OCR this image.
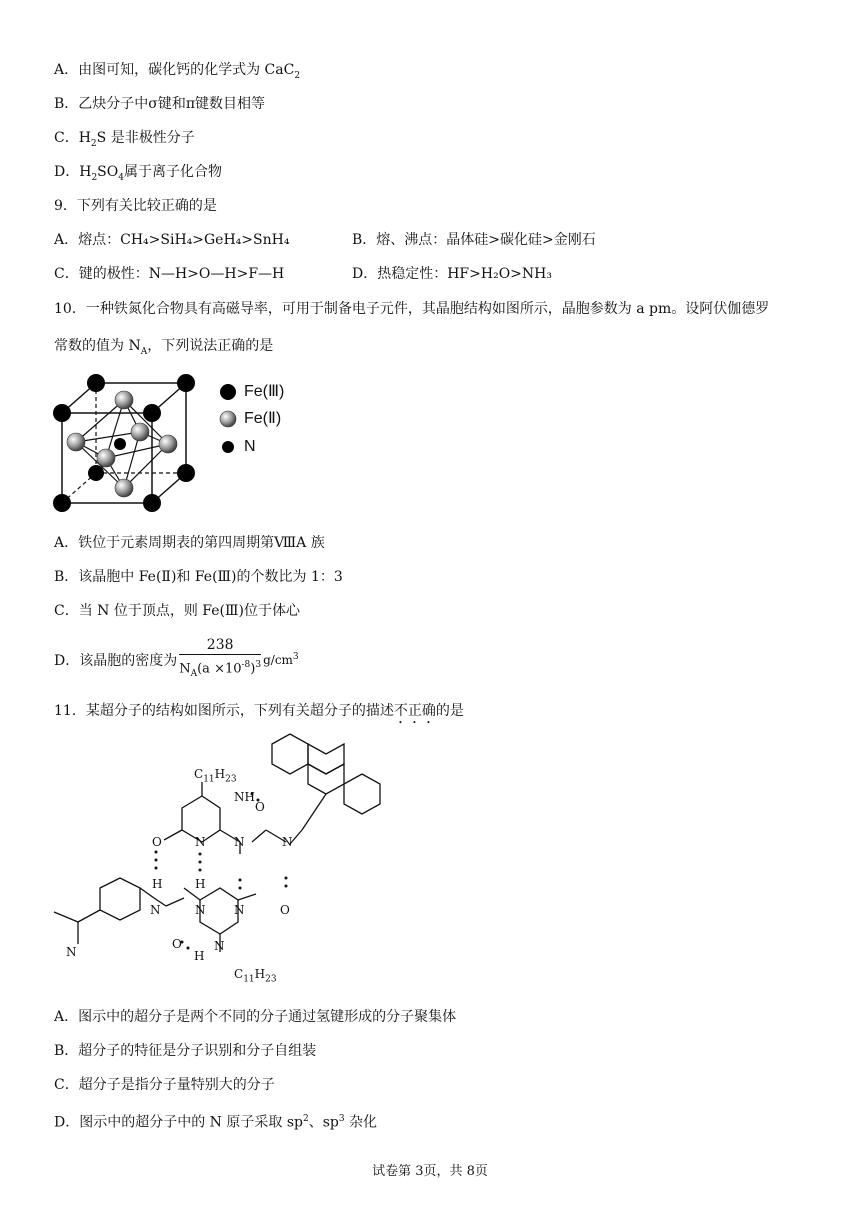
A．由图可知，碳化钙的化学式为 CaC$_2$
B．乙炔分子中σ键和π键数目相等
C．$H_2S$ 是非极性分子
D．$H_2SO_4$属于离子化合物
9．下列有关比较正确的是
A．熔点：CH₄>SiH₄>GeH₄>SnH₄	B．熔、沸点：晶体硅>碳化硅>金刚石
C．键的极性：N—H>O—H>F—H	D．热稳定性：HF>H₂O>NH₃
10．一种铁氮化合物具有高磁导率，可用于制备电子元件，其晶胞结构如图所示，晶胞参数为 a pm。设阿伏伽德罗
常数的值为 $N_A$，下列说法正确的是
Fe(Ⅲ)
Fe(Ⅱ)
N
A．铁位于元素周期表的第四周期第ⅧA 族
B．该晶胞中 Fe(Ⅱ)和 Fe(Ⅲ)的个数比为 1：3
C．当 N 位于顶点，则 Fe(Ⅲ)位于体心
D．该晶胞的密度为 $\frac{238}{N_A(a \times 10^{-8})^3} g/cm^3$
11．某超分子的结构如图所示，下列有关超分子的描述不正确的是
$C_{11}H_{23}$
NH
O
O	N N	N
H	H
N	N N	O
N
O
H
N
$C_{11}H_{23}$
A．图示中的超分子是两个不同的分子通过氢键形成的分子聚集体
B．超分子的特征是分子识别和分子自组装
C．超分子是指分子量特别大的分子
D．图示中的超分子中的 N 原子采取 $sp^2$、$sp^3$ 杂化
试卷第 3页，共 8页
